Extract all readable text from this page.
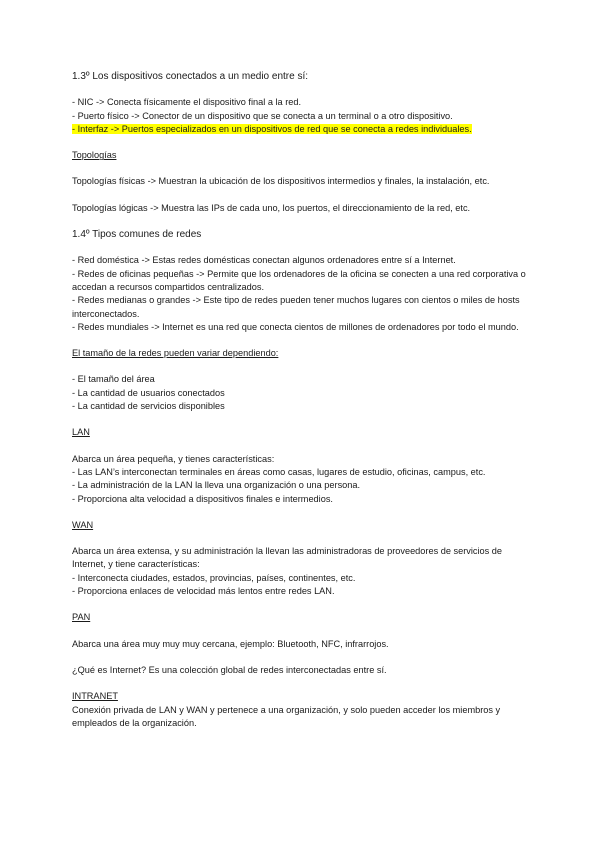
1.3º Los dispositivos conectados a un medio entre sí:

- NIC -> Conecta físicamente el dispositivo final a la red.

- Puerto físico -> Conector de un dispositivo que se conecta a un terminal o a otro dispositivo.

- Interfaz -> Puertos especializados en un dispositivos de red que se conecta a redes individuales.

Topologías

Topologías físicas -> Muestran la ubicación de los dispositivos intermedios y finales, la instalación, etc.

Topologías lógicas -> Muestra las IPs de cada uno, los puertos, el direccionamiento de la red, etc.

1.4º Tipos comunes de redes

- Red doméstica -> Estas redes domésticas conectan algunos ordenadores entre sí a Internet.

- Redes de oficinas pequeñas -> Permite que los ordenadores de la oficina se conecten a una red corporativa o accedan a recursos compartidos centralizados.

- Redes medianas o grandes -> Este tipo de redes pueden tener muchos lugares con cientos o miles de hosts interconectados.

- Redes mundiales -> Internet es una red que conecta cientos de millones de ordenadores por todo el mundo.

El tamaño de la redes pueden variar dependiendo:

- El tamaño del área

- La cantidad de usuarios conectados

- La cantidad de servicios disponibles

LAN

Abarca un área pequeña, y tienes características:

- Las LAN’s interconectan terminales en áreas como casas, lugares de estudio, oficinas, campus, etc.

- La administración de la LAN la lleva una organización o una persona.

- Proporciona alta velocidad a dispositivos finales e intermedios.

WAN

Abarca un área extensa, y su administración la llevan las administradoras de proveedores de servicios de Internet, y tiene características:

- Interconecta ciudades, estados, provincias, países, continentes, etc.

- Proporciona enlaces de velocidad más lentos entre redes LAN.

PAN

Abarca una área muy muy muy cercana, ejemplo: Bluetooth, NFC, infrarrojos.

¿Qué es Internet? Es una colección global de redes interconectadas entre sí.

INTRANET

Conexión privada de LAN y WAN y pertenece a una organización, y solo pueden acceder los miembros y empleados de la organización.
